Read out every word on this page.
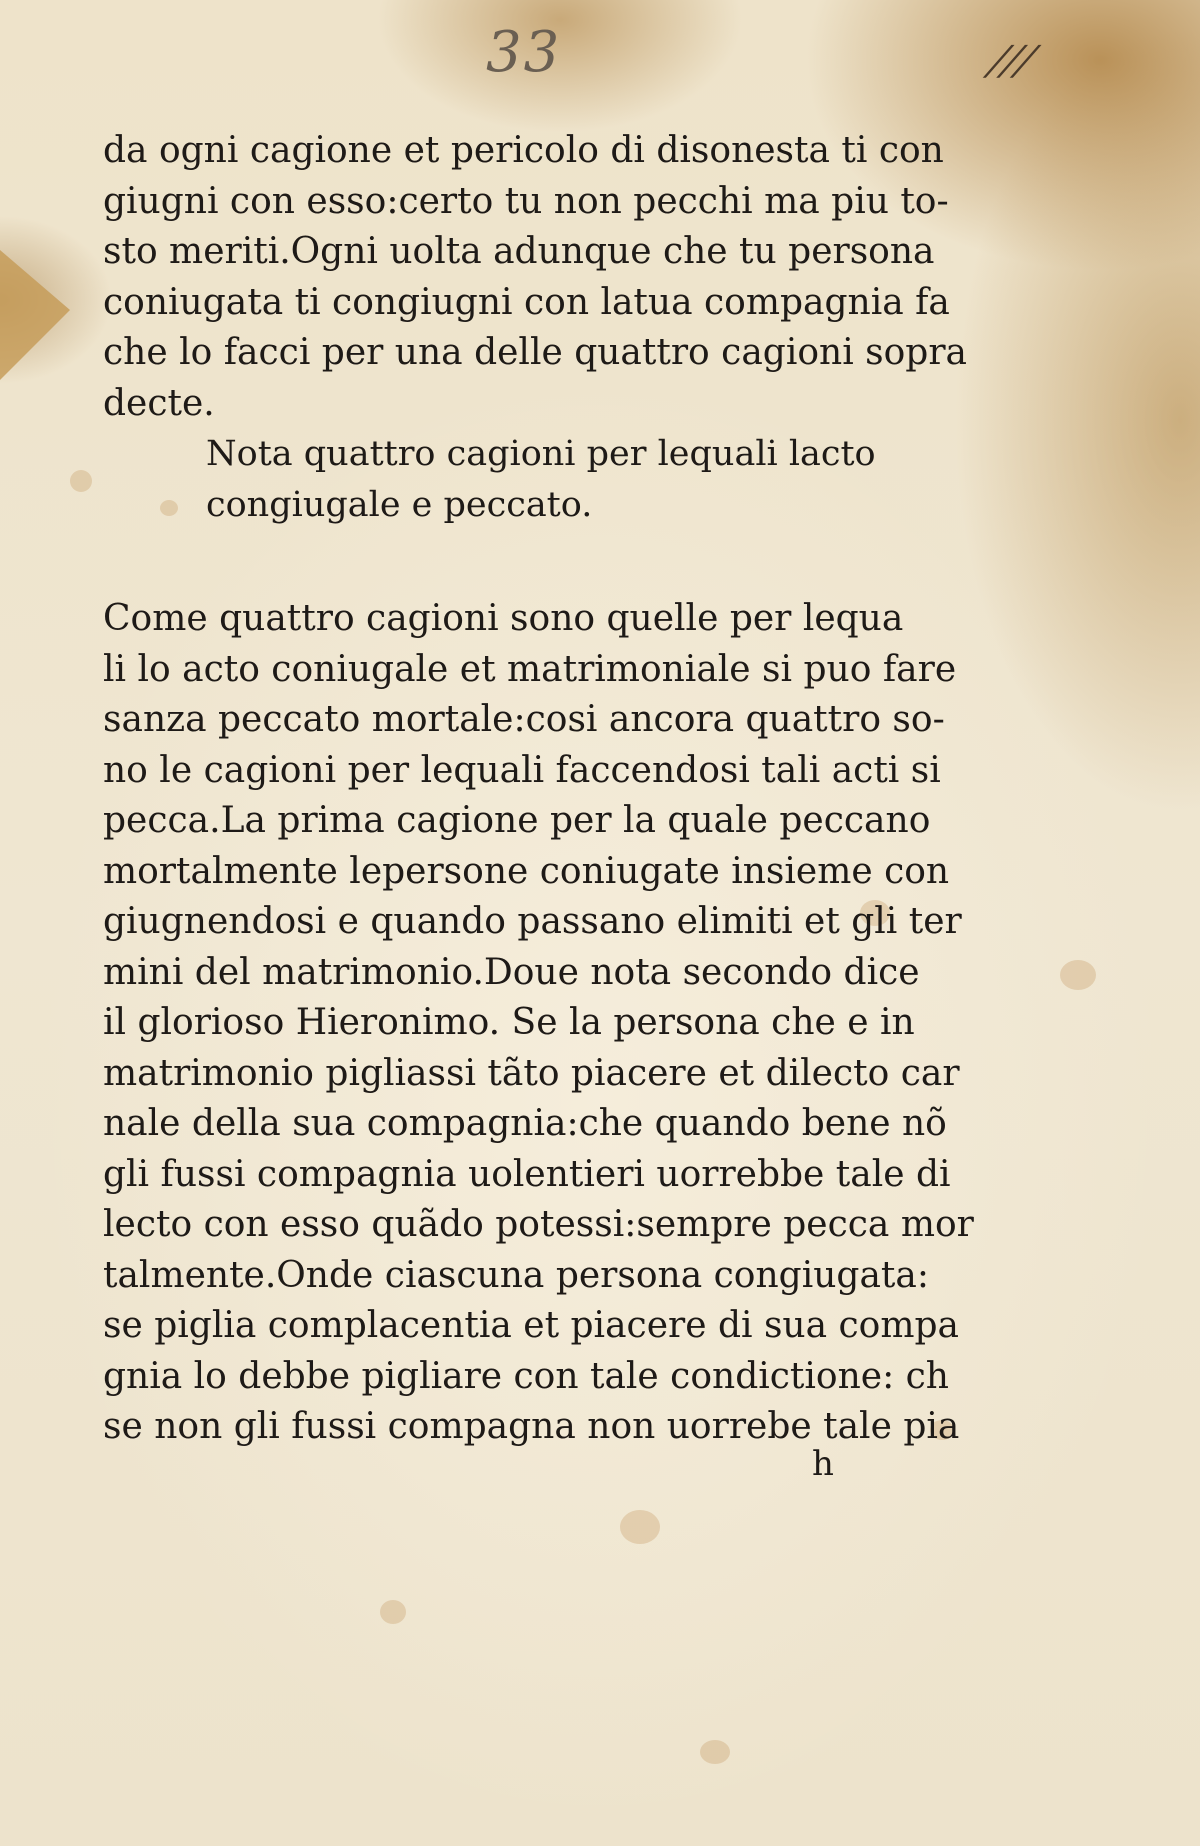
33	///
da ogni cagione et pericolo di disonesta ti con
giugni con esso:certo tu non pecchi ma piu to-
sto meriti.Ogni uolta adunque che tu persona
coniugata ti congiugni con latua compagnia fa
che lo facci per una delle quattro cagioni sopra
decte.
Nota quattro cagioni per lequali lacto
congiugale e peccato.
Come quattro cagioni sono quelle per lequa
li lo acto coniugale et matrimoniale si puo fare
sanza peccato mortale:cosi ancora quattro so-
no le cagioni per lequali faccendosi tali acti si
pecca.La prima cagione per la quale peccano
mortalmente lepersone coniugate insieme con
giugnendosi e quando passano elimiti et gli ter
mini del matrimonio.Doue nota secondo dice
il glorioso Hieronimo. Se la persona che e in
matrimonio pigliassi tãto piacere et dilecto car
nale della sua compagnia:che quando bene nõ
gli fussi compagnia uolentieri uorrebbe tale di
lecto con esso quãdo potessi:sempre pecca mor
talmente.Onde ciascuna persona congiugata:
se piglia complacentia et piacere di sua compa
gnia lo debbe pigliare con tale condictione: ch
se non gli fussi compagna non uorrebe tale pia
h
